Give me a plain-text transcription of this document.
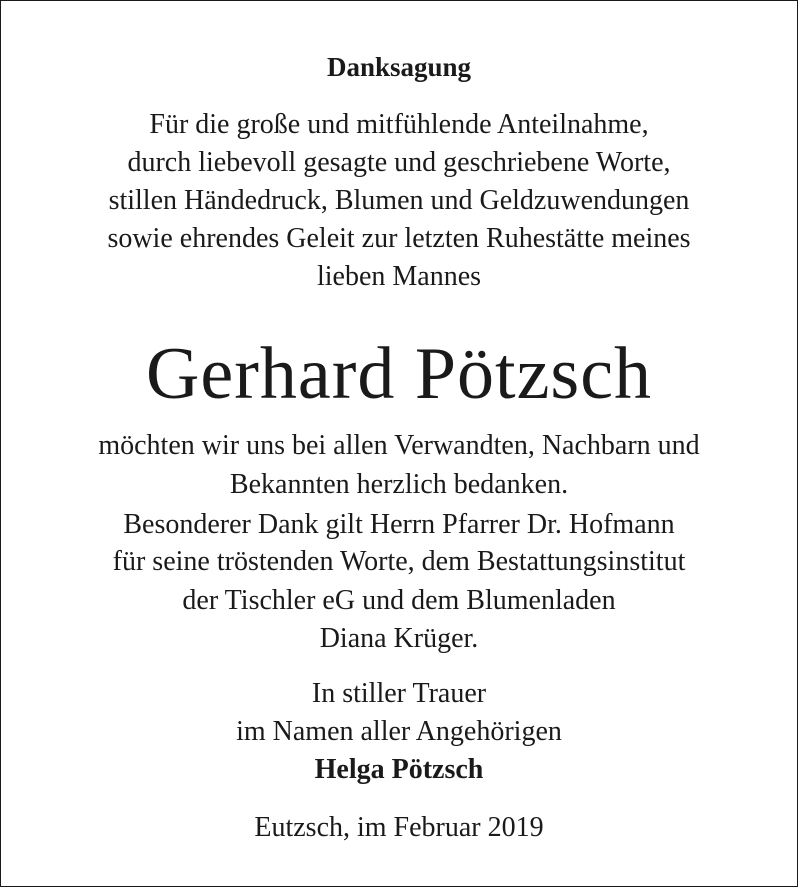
Danksagung
Für die große und mitfühlende Anteilnahme,
durch liebevoll gesagte und geschriebene Worte,
stillen Händedruck, Blumen und Geldzuwendungen
sowie ehrendes Geleit zur letzten Ruhestätte meines
lieben Mannes
Gerhard Pötzsch
möchten wir uns bei allen Verwandten, Nachbarn und
Bekannten herzlich bedanken.
Besonderer Dank gilt Herrn Pfarrer Dr. Hofmann
für seine tröstenden Worte, dem Bestattungsinstitut
der Tischler eG und dem Blumenladen
Diana Krüger.
In stiller Trauer
im Namen aller Angehörigen
Helga Pötzsch
Eutzsch, im Februar 2019
